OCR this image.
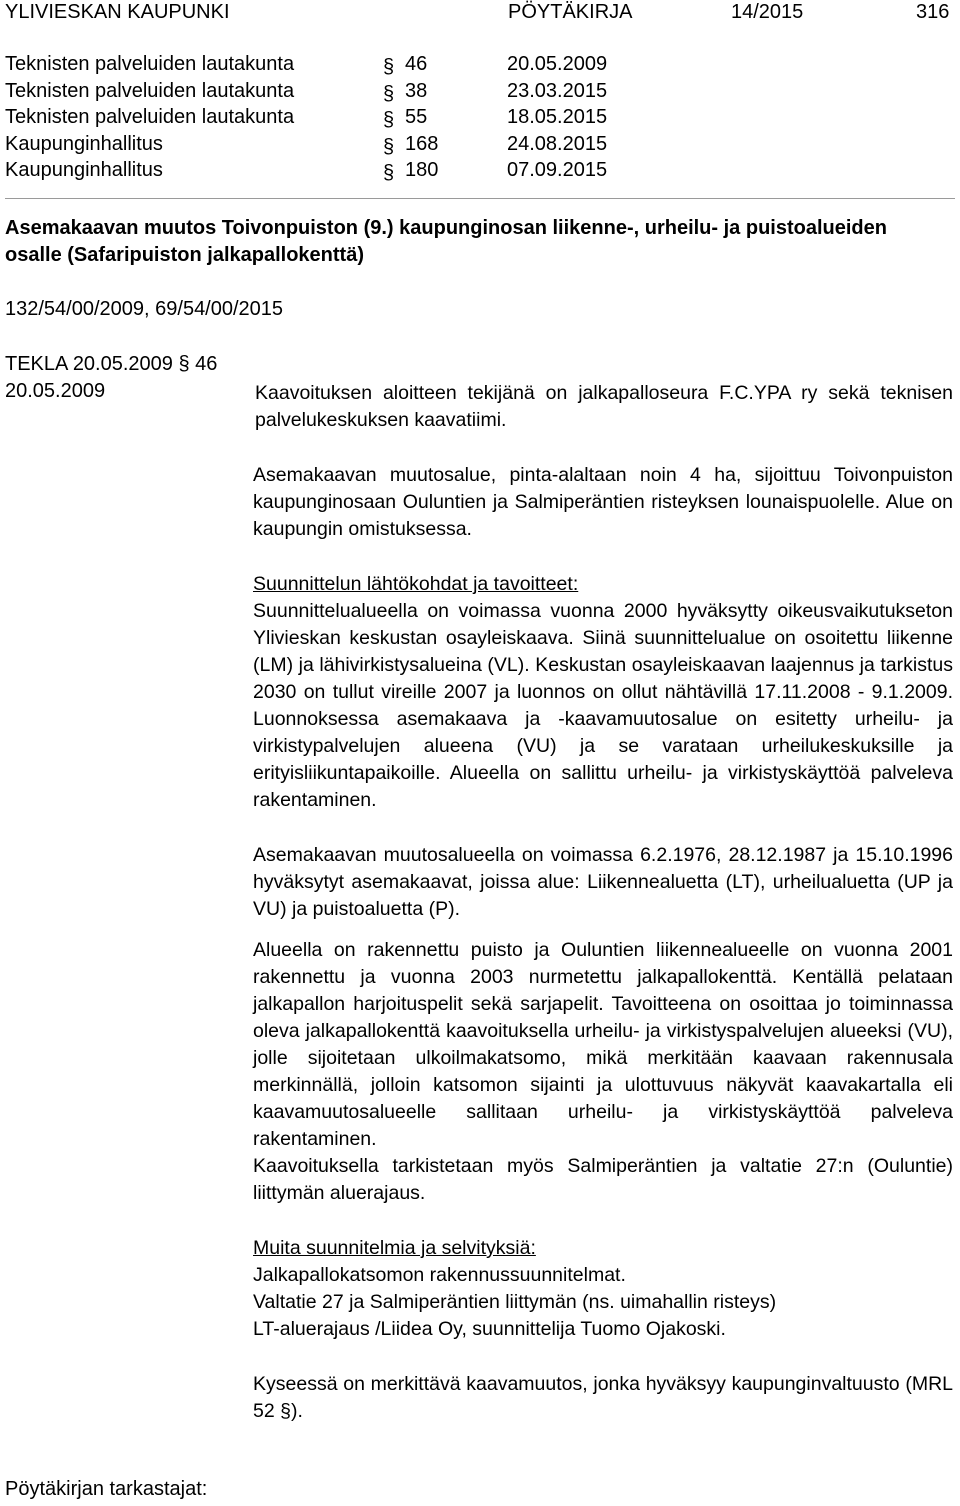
YLIVIESKAN KAUPUNKI	PÖYTÄKIRJA	14/2015	316
Teknisten palveluiden lautakunta	§ 46	20.05.2009
Teknisten palveluiden lautakunta	§ 38	23.03.2015
Teknisten palveluiden lautakunta	§ 55	18.05.2015
Kaupunginhallitus	§ 168	24.08.2015
Kaupunginhallitus	§ 180	07.09.2015
Asemakaavan muutos Toivonpuiston (9.) kaupunginosan liikenne-, urheilu- ja puistoalueiden osalle (Safaripuiston jalkapallokenttä)
132/54/00/2009, 69/54/00/2015
TEKLA 20.05.2009 § 46
20.05.2009	Kaavoituksen aloitteen tekijänä on jalkapalloseura F.C.YPA ry sekä teknisen palvelukeskuksen kaavatiimi.

Asemakaavan muutosalue, pinta-alaltaan noin 4 ha, sijoittuu Toivonpuiston kaupunginosaan Ouluntien ja Salmiperäntien risteyksen lounaispuolelle. Alue on kaupungin omistuksessa.

Suunnittelun lähtökohdat ja tavoitteet:

Suunnittelualueella on voimassa vuonna 2000 hyväksytty oikeusvaikutukseton Ylivieskan keskustan osayleiskaava. Siinä suunnittelualue on osoitettu liikenne (LM) ja lähivirkistysalueina (VL). Keskustan osayleiskaavan laajennus ja tarkistus 2030 on tullut vireille 2007 ja luonnos on ollut nähtävillä 17.11.2008 - 9.1.2009. Luonnoksessa asemakaava ja -kaavamuutosalue on esitetty urheilu- ja virkistypalvelujen alueena (VU) ja se varataan urheilukeskuksille ja erityisliikuntapaikoille. Alueella on sallittu urheilu- ja virkistyskäyttöä palveleva rakentaminen.

Asemakaavan muutosalueella on voimassa 6.2.1976, 28.12.1987 ja 15.10.1996 hyväksytyt asemakaavat, joissa alue: Liikennealuetta (LT), urheilualuetta (UP ja VU) ja puistoaluetta (P).

Alueella on rakennettu puisto ja Ouluntien liikennealueelle on vuonna 2001 rakennettu ja vuonna 2003 nurmetettu jalkapallokenttä. Kentällä pelataan jalkapallon harjoituspelit sekä sarjapelit. Tavoitteena on osoittaa jo toiminnassa oleva jalkapallokenttä kaavoituksella urheilu- ja virkistyspalvelujen alueeksi (VU), jolle sijoitetaan ulkoilmakatsomo, mikä merkitään kaavaan rakennusala merkinnällä, jolloin katsomon sijainti ja ulottuvuus näkyvät kaavakartalla eli kaavamuutosalueelle sallitaan urheilu- ja virkistyskäyttöä palveleva rakentaminen.

Kaavoituksella tarkistetaan myös Salmiperäntien ja valtatie 27:n (Ouluntie) liittymän aluerajaus.

Muita suunnitelmia ja selvityksiä:

Jalkapallokatsomon rakennussuunnitelmat.

Valtatie 27 ja Salmiperäntien liittymän (ns. uimahallin risteys)

LT-aluerajaus /Liidea Oy, suunnittelija Tuomo Ojakoski.

Kyseessä on merkittävä kaavamuutos, jonka hyväksyy kaupunginvaltuusto (MRL 52 §).

Pöytäkirjan tarkastajat:
